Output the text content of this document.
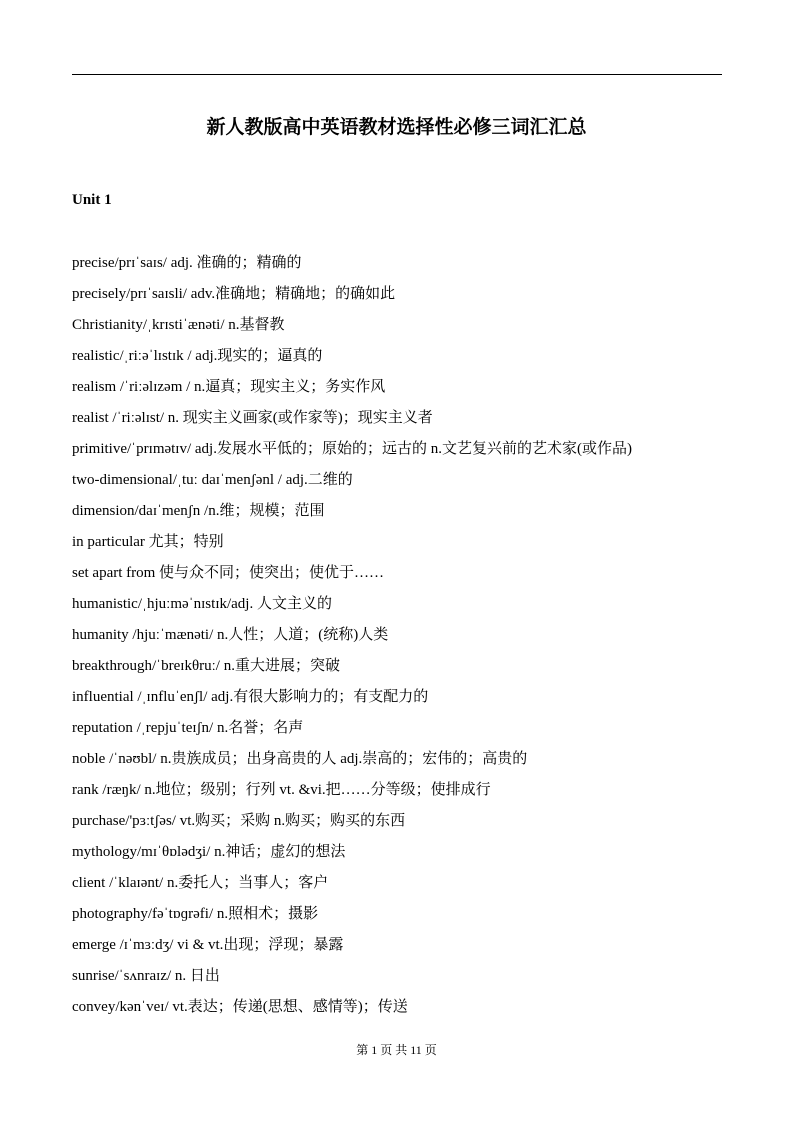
新人教版高中英语教材选择性必修三词汇汇总
Unit 1
precise/prɪˈsaɪs/ adj. 准确的；精确的
precisely/prɪˈsaɪsli/ adv.准确地；精确地；的确如此
Christianity/ˌkrɪstiˈænəti/ n.基督教
realistic/ˌriːəˈlɪstɪk / adj.现实的；逼真的
realism /ˈriːəlɪzəm / n.逼真；现实主义；务实作风
realist /ˈriːəlɪst/ n. 现实主义画家(或作家等)；现实主义者
primitive/ˈprɪmətɪv/ adj.发展水平低的；原始的；远古的 n.文艺复兴前的艺术家(或作品)
two-dimensional/ˌtuː daɪˈmenʃənl / adj.二维的
dimension/daɪˈmenʃn /n.维；规模；范围
in particular 尤其；特别
set apart from 使与众不同；使突出；使优于……
humanistic/ˌhjuːməˈnɪstɪk/adj. 人文主义的
humanity /hjuːˈmænəti/ n.人性；人道；(统称)人类
breakthrough/ˈbreɪkθruː/ n.重大进展；突破
influential /ˌɪnfluˈenʃl/ adj.有很大影响力的；有支配力的
reputation /ˌrepjuˈteɪʃn/ n.名誉；名声
noble /ˈnəʊbl/ n.贵族成员；出身高贵的人 adj.崇高的；宏伟的；高贵的
rank /ræŋk/ n.地位；级别；行列 vt. &vi.把……分等级；使排成行
purchase/'pɜːtʃəs/ vt.购买；采购 n.购买；购买的东西
mythology/mɪˈθɒlədʒi/ n.神话；虚幻的想法
client /ˈklaɪənt/ n.委托人；当事人；客户
photography/fəˈtɒɡrəfi/ n.照相术；摄影
emerge /ɪˈmɜːdʒ/ vi & vt.出现；浮现；暴露
sunrise/ˈsʌnraɪz/ n. 日出
convey/kənˈveɪ/ vt.表达；传递(思想、感情等)；传送
第 1 页 共 11 页
